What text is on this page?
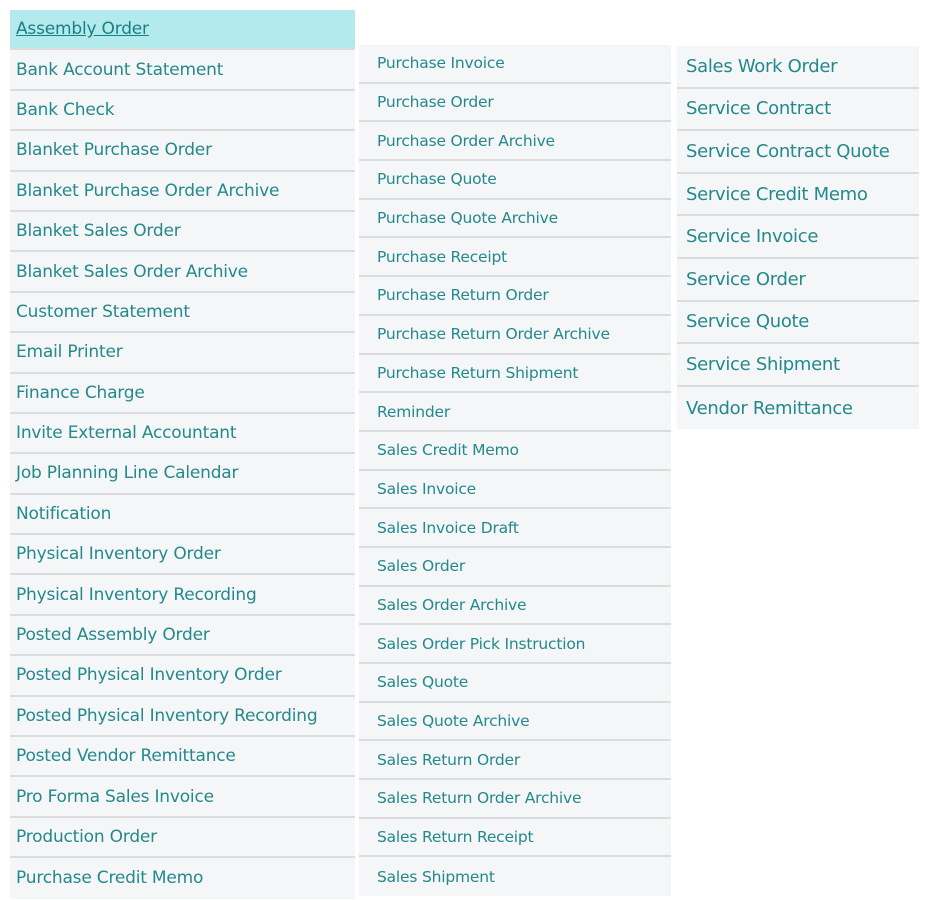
Assembly Order
Bank Account Statement
Bank Check
Blanket Purchase Order
Blanket Purchase Order Archive
Blanket Sales Order
Blanket Sales Order Archive
Customer Statement
Email Printer
Finance Charge
Invite External Accountant
Job Planning Line Calendar
Notification
Physical Inventory Order
Physical Inventory Recording
Posted Assembly Order
Posted Physical Inventory Order
Posted Physical Inventory Recording
Posted Vendor Remittance
Pro Forma Sales Invoice
Production Order
Purchase Credit Memo
Purchase Invoice
Purchase Order
Purchase Order Archive
Purchase Quote
Purchase Quote Archive
Purchase Receipt
Purchase Return Order
Purchase Return Order Archive
Purchase Return Shipment
Reminder
Sales Credit Memo
Sales Invoice
Sales Invoice Draft
Sales Order
Sales Order Archive
Sales Order Pick Instruction
Sales Quote
Sales Quote Archive
Sales Return Order
Sales Return Order Archive
Sales Return Receipt
Sales Shipment
Sales Work Order
Service Contract
Service Contract Quote
Service Credit Memo
Service Invoice
Service Order
Service Quote
Service Shipment
Vendor Remittance
